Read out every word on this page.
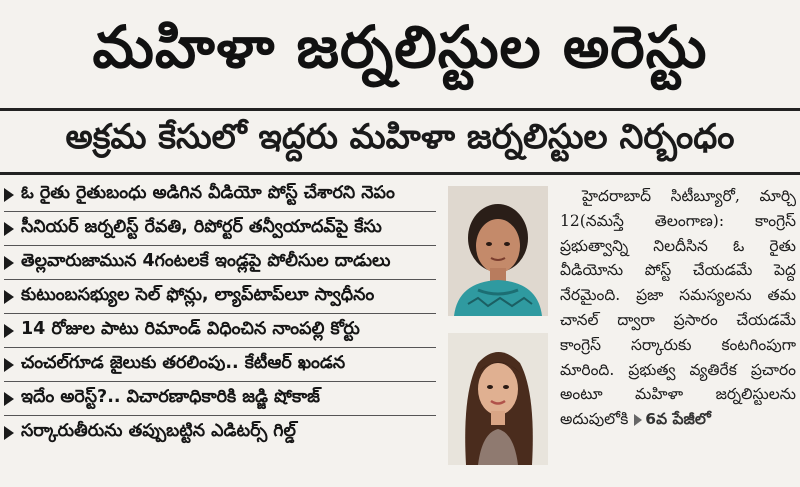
మహిళా జర్నలిస్టుల అరెస్టు
అక్రమ కేసులో ఇద్దరు మహిళా జర్నలిస్టుల నిర్బంధం
ఓ రైతు రైతుబంధు అడిగిన వీడియో పోస్ట్ చేశారని నెపం
సీనియర్ జర్నలిస్ట్ రేవతి, రిపోర్టర్ తన్వీయాదవ్‌పై కేసు
తెల్లవారుజామున 4గంటలకే ఇండ్లపై పోలీసుల దాడులు
కుటుంబసభ్యుల సెల్ ఫోన్లు, ల్యాప్‌టాప్‌లూ స్వాధీనం
14 రోజుల పాటు రిమాండ్ విధించిన నాంపల్లి కోర్టు
చంచల్‌గూడ జైలుకు తరలింపు.. కేటీఆర్ ఖండన
ఇదేం అరెస్ట్?.. విచారణాధికారికి జడ్జి షోకాజ్
సర్కారుతీరును తప్పుబట్టిన ఎడిటర్స్ గిల్డ్

హైదరాబాద్ సిటీబ్యూరో, మార్చి 12(నమస్తే తెలంగాణ): కాంగ్రెస్ ప్రభుత్వాన్ని నిలదీసిన ఓ రైతు వీడియోను పోస్ట్ చేయడమే పెద్ద నేరమైంది. ప్రజా సమస్యలను తమ చానల్ ద్వారా ప్రసారం చేయడమే కాంగ్రెస్ సర్కారుకు కంటగింపుగా మారింది. ప్రభుత్వ వ్యతిరేక ప్రచారం అంటూ మహిళా జర్నలిస్టులను అదుపులోకి 6వ పేజీలో
